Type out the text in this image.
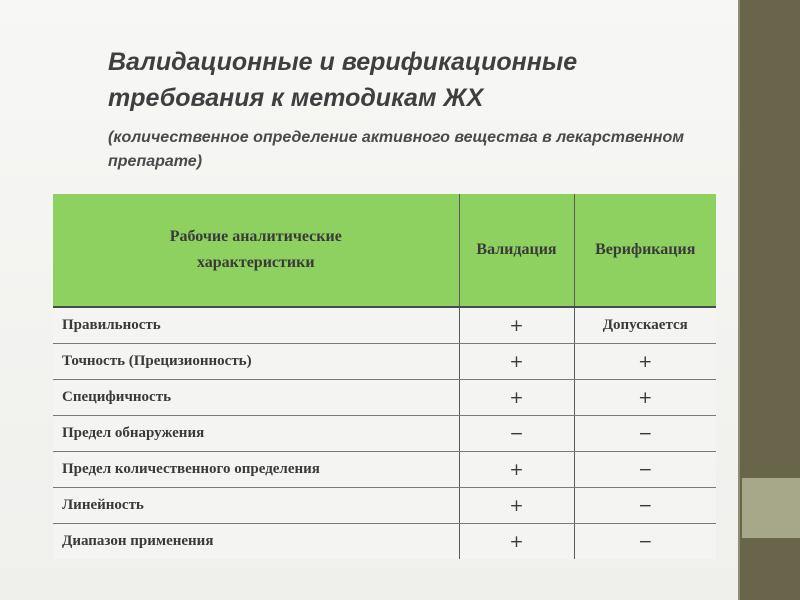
Валидационные и верификационные требования к методикам ЖХ
(количественное определение активного вещества в лекарственном препарате)
Рабочие аналитические характеристики	Валидация	Верификация
Правильность	+	Допускается
Точность (Прецизионность)	+	+
Специфичность	+	+
Предел обнаружения	−	−
Предел количественного определения	+	−
Линейность	+	−
Диапазон применения	+	−
